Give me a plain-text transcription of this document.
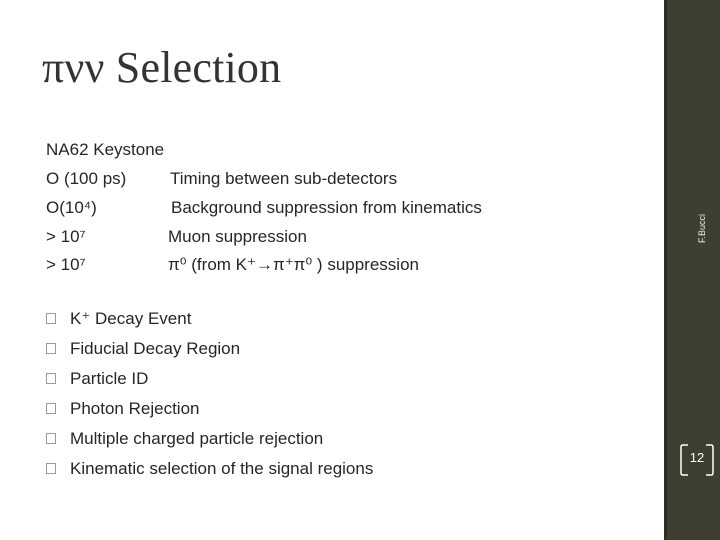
F.Bucci
12
πνν Selection
NA62 Keystone
O (100 ps)	Timing between sub-detectors
O(10⁴)	Background suppression from kinematics
> 10⁷	Muon suppression
> 10⁷	π⁰ (from K⁺→π⁺π⁰ ) suppression
K⁺ Decay Event
Fiducial Decay Region
Particle ID
Photon Rejection
Multiple charged particle rejection
Kinematic selection of the signal regions
